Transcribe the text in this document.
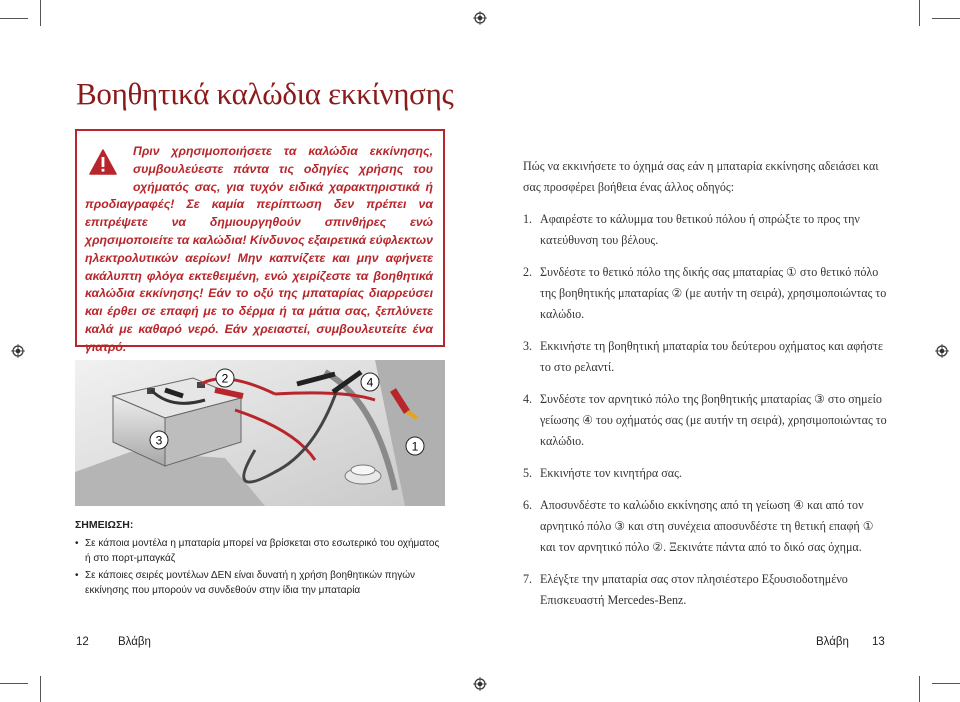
Βοηθητικά καλώδια εκκίνησης

Πριν χρησιμοποιήσετε τα καλώδια εκκίνησης, συμβουλεύεστε πάντα τις οδηγίες χρήσης του οχήματός σας, για τυχόν ειδικά χαρακτηριστικά ή προδιαγραφές! Σε καμία περίπτωση δεν πρέπει να επιτρέψετε να δημιουργηθούν σπινθήρες ενώ χρησιμοποιείτε τα καλώδια! Κίνδυνος εξαιρετικά εύφλεκτων ηλεκτρολυτικών αερίων! Μην καπνίζετε και μην αφήνετε ακάλυπτη φλόγα εκτεθειμένη, ενώ χειρίζεστε τα βοηθητικά καλώδια εκκίνησης! Εάν το οξύ της μπαταρίας διαρρεύσει και έρθει σε επαφή με το δέρμα ή τα μάτια σας, ξεπλύνετε καλά με καθαρό νερό. Εάν χρειαστεί, συμβουλευτείτε ένα γιατρό.

2	4
3	1
ΣΗΜΕΙΩΣΗ:
• Σε κάποια μοντέλα η μπαταρία μπορεί να βρίσκεται στο εσωτερικό του οχήματος ή στο πορτ-μπαγκάζ
• Σε κάποιες σειρές μοντέλων ΔΕΝ είναι δυνατή η χρήση βοηθητικών πηγών εκκίνησης που μπορούν να συνδεθούν στην ίδια την μπαταρία

Πώς να εκκινήσετε το όχημά σας εάν η μπαταρία εκκίνησης αδειάσει και σας προσφέρει βοήθεια ένας άλλος οδηγός:

1. Αφαιρέστε το κάλυμμα του θετικού πόλου ή σπρώξτε το προς την κατεύθυνση του βέλους.
2. Συνδέστε το θετικό πόλο της δικής σας μπαταρίας ① στο θετικό πόλο της βοηθητικής μπαταρίας ② (με αυτήν τη σειρά), χρησιμοποιώντας το καλώδιο.
3. Εκκινήστε τη βοηθητική μπαταρία του δεύτερου οχήματος και αφήστε το στο ρελαντί.
4. Συνδέστε τον αρνητικό πόλο της βοηθητικής μπαταρίας ③ στο σημείο γείωσης ④ του οχήματός σας (με αυτήν τη σειρά), χρησιμοποιώντας το καλώδιο.
5. Εκκινήστε τον κινητήρα σας.
6. Αποσυνδέστε το καλώδιο εκκίνησης από τη γείωση ④ και από τον αρνητικό πόλο ③ και στη συνέχεια αποσυνδέστε τη θετική επαφή ① και τον αρνητικό πόλο ②. Ξεκινάτε πάντα από το δικό σας όχημα.
7. Ελέγξτε την μπαταρία σας στον πλησιέστερο Εξουσιοδοτημένο Επισκευαστή Mercedes-Benz.
12	Βλάβη	Βλάβη 13
